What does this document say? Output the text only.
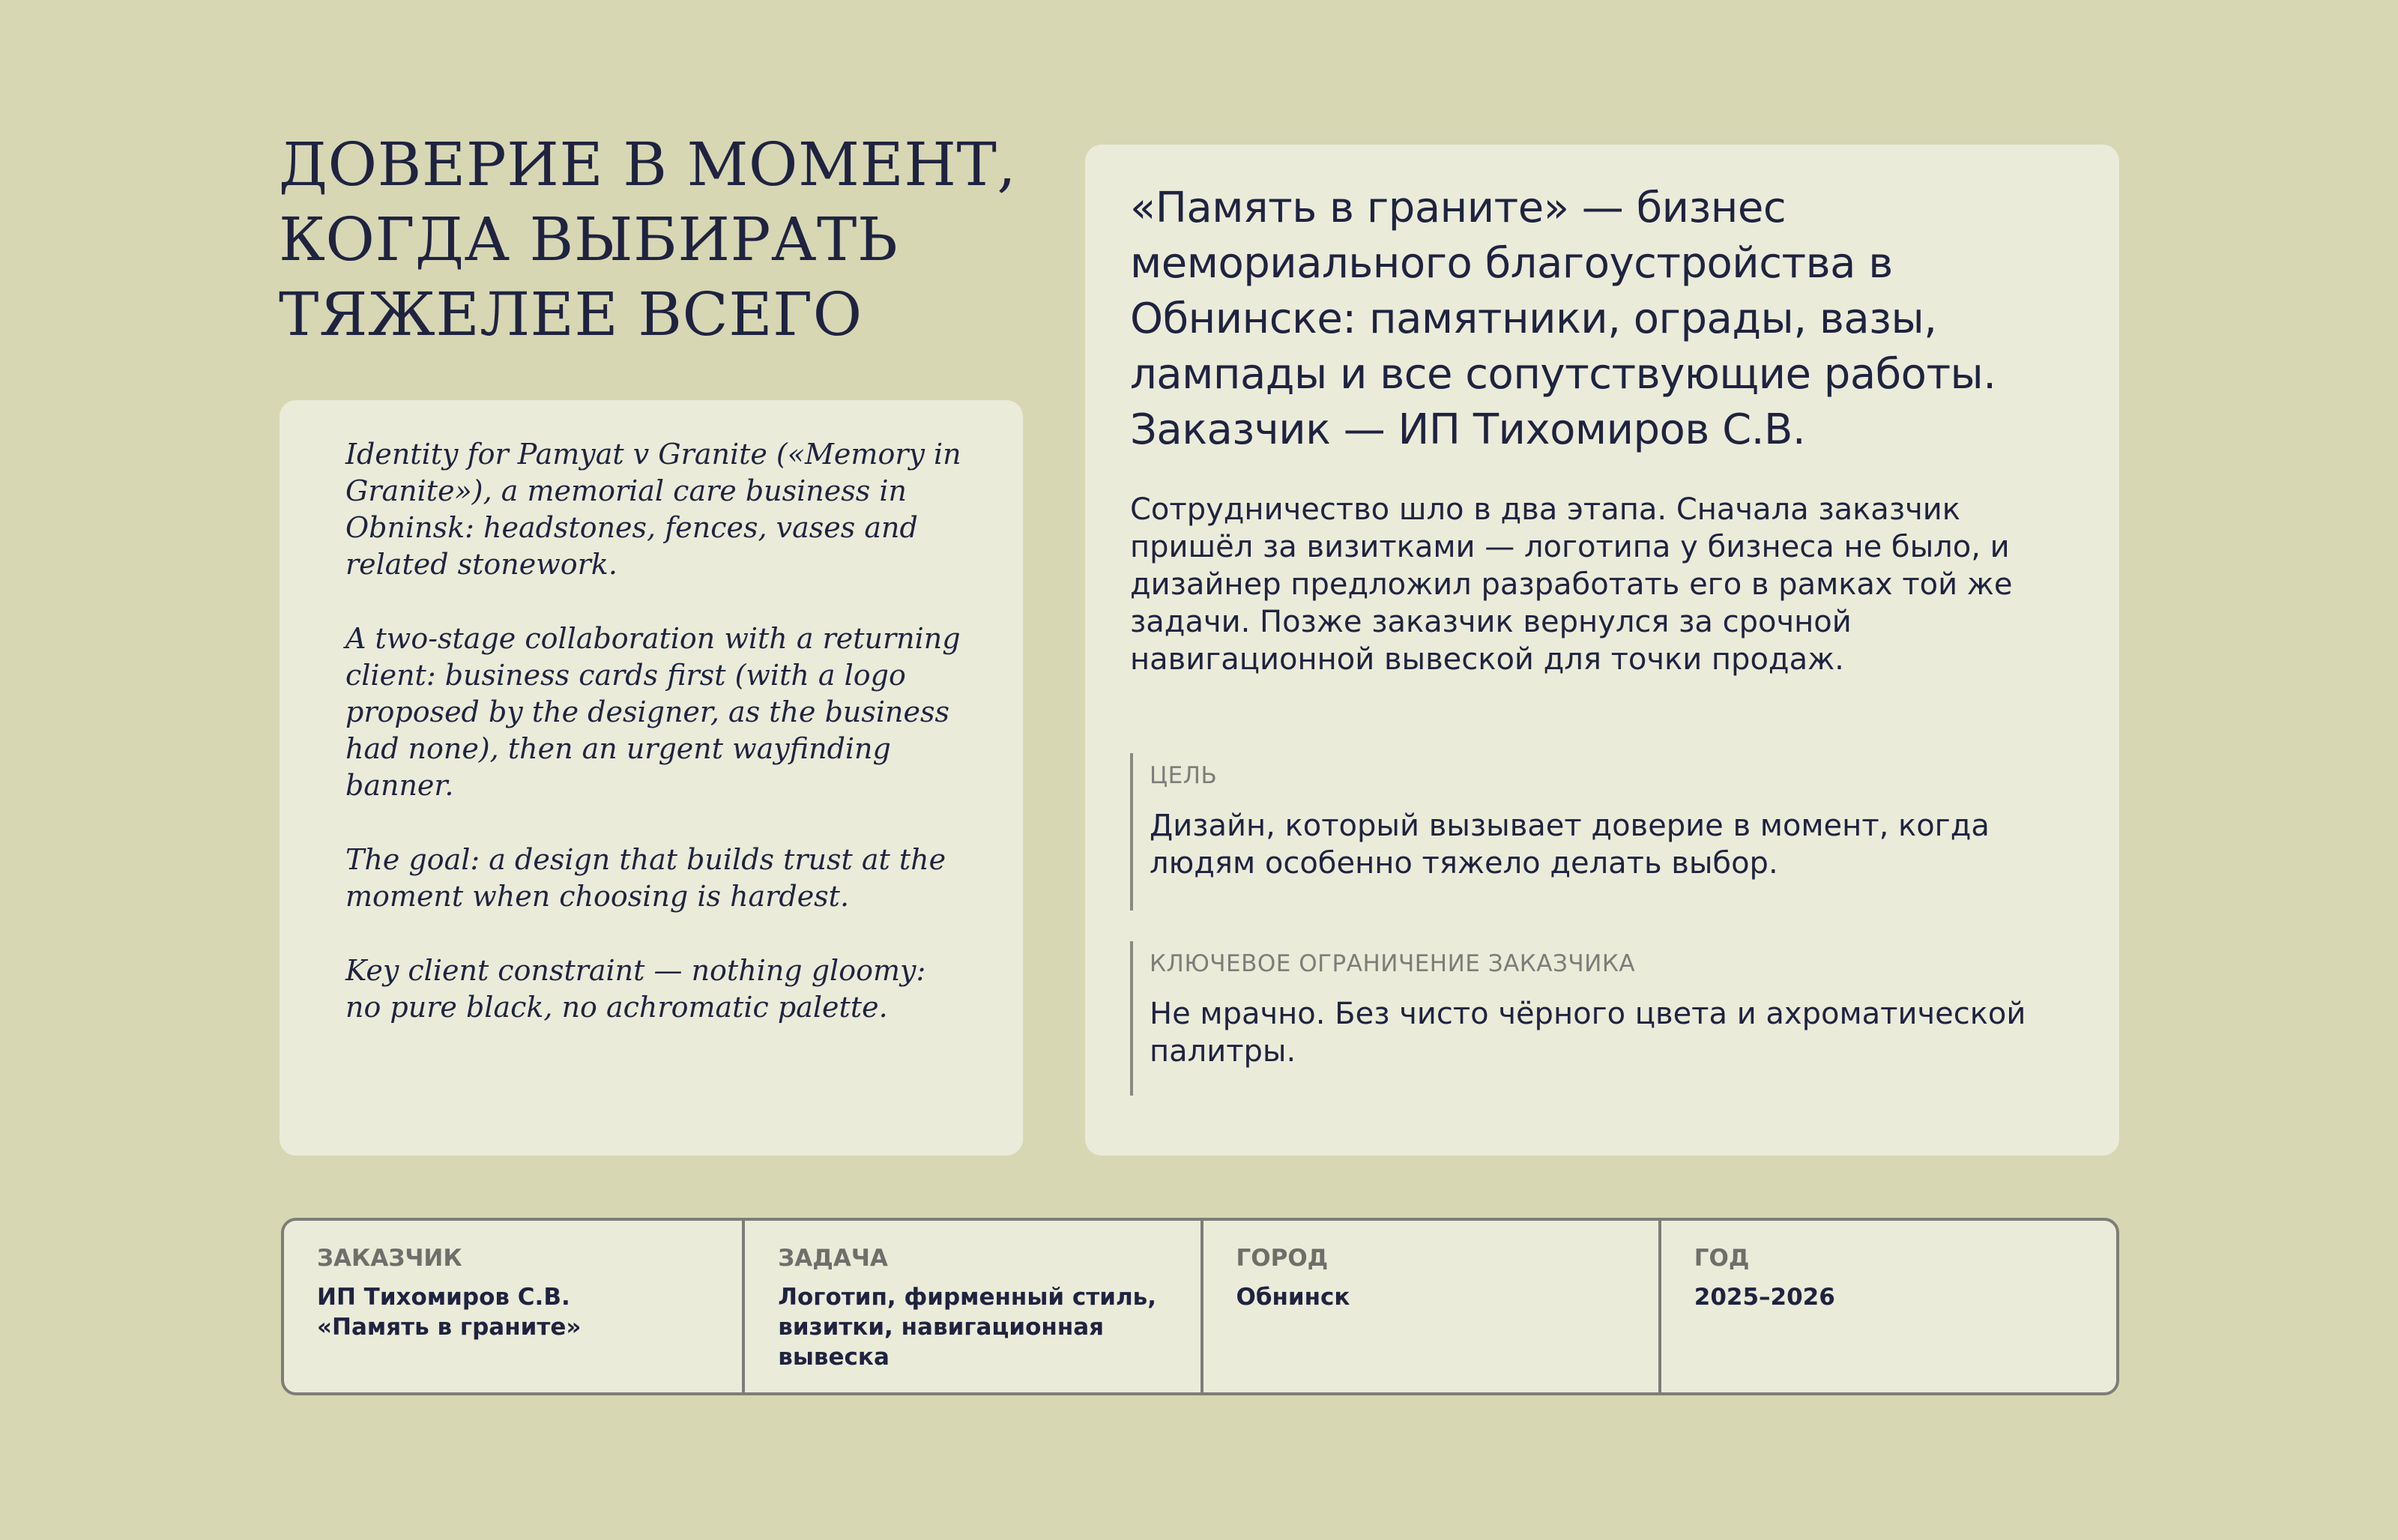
ДОВЕРИЕ В МОМЕНТ,
КОГДА ВЫБИРАТЬ
ТЯЖЕЛЕЕ ВСЕГО

Identity for Pamyat v Granite («Memory in Granite»), a memorial care business in Obninsk: headstones, fences, vases and related stonework.

A two-stage collaboration with a returning client: business cards first (with a logo proposed by the designer, as the business had none), then an urgent wayfinding banner.

The goal: a design that builds trust at the moment when choosing is hardest.

Key client constraint — nothing gloomy: no pure black, no achromatic palette.

«Память в граните» — бизнес мемориального благоустройства в Обнинске: памятники, ограды, вазы, лампады и все сопутствующие работы. Заказчик — ИП Тихомиров С.В.

Сотрудничество шло в два этапа. Сначала заказчик пришёл за визитками — логотипа у бизнеса не было, и дизайнер предложил разработать его в рамках той же задачи. Позже заказчик вернулся за срочной навигационной вывеской для точки продаж.

ЦЕЛЬ
Дизайн, который вызывает доверие в момент, когда людям особенно тяжело делать выбор.
КЛЮЧЕВОЕ ОГРАНИЧЕНИЕ ЗАКАЗЧИКА
Не мрачно. Без чисто чёрного цвета и ахроматической палитры.
ЗАКАЗЧИК
ИП Тихомиров С.В.
«Память в граните»
ЗАДАЧА
Логотип, фирменный стиль,
визитки, навигационная
вывеска
ГОРОД
Обнинск
ГОД
2025–2026
